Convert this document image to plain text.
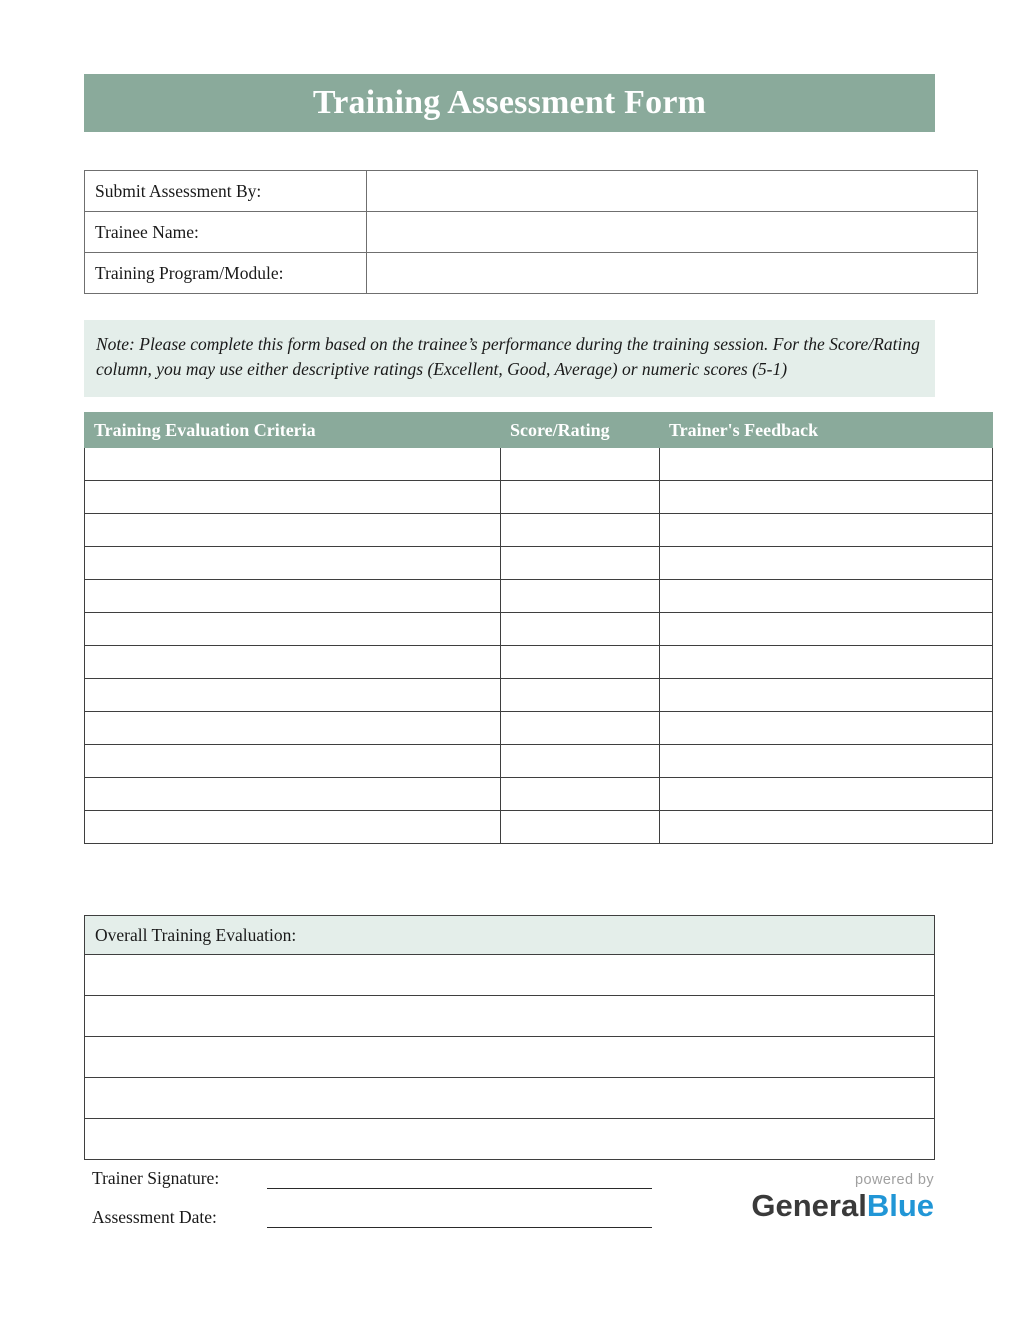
Training Assessment Form
Submit Assessment By:	
Trainee Name:	
Training Program/Module:	
Note: Please complete this form based on the trainee’s performance during the training session. For the Score/Rating column, you may use either descriptive ratings (Excellent, Good, Average) or numeric scores (5-1)
Training Evaluation Criteria	Score/Rating	Trainer's Feedback

Overall Training Evaluation:

Trainer Signature:
Assessment Date:
powered by
GeneralBlue
